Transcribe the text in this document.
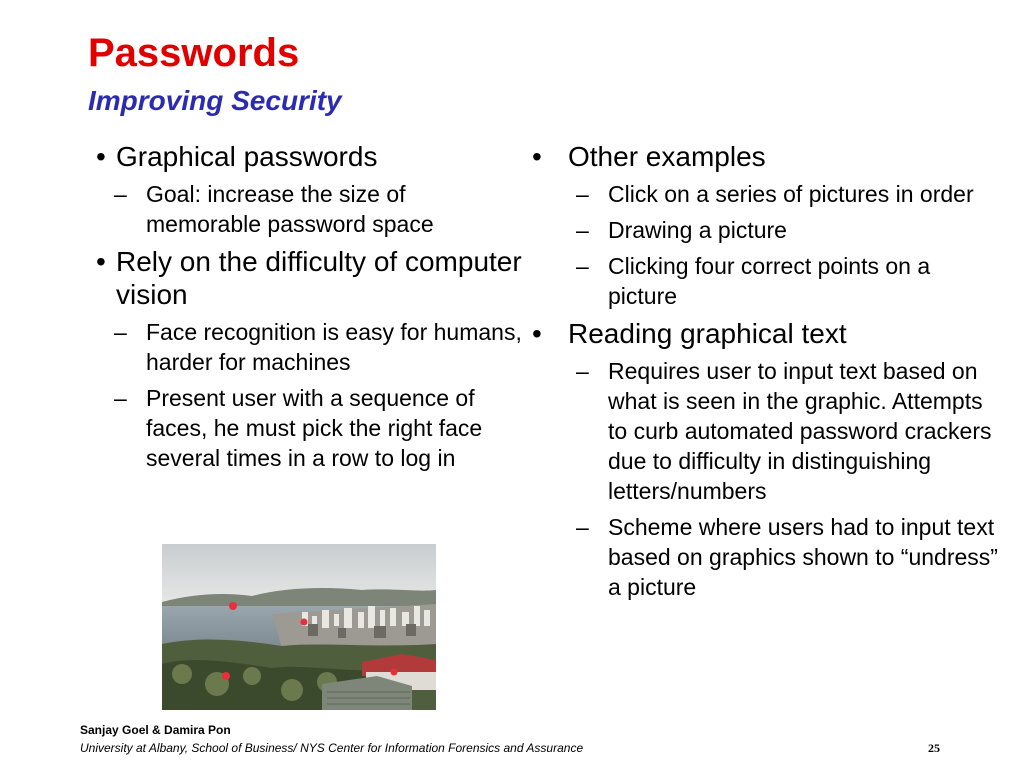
Passwords
Improving Security
• Graphical passwords
– Goal: increase the size of memorable password space
• Rely on the difficulty of computer vision
– Face recognition is easy for humans, harder for machines
– Present user with a sequence of faces, he must pick the right face several times in a row to log in
• Other examples
– Click on a series of pictures in order
– Drawing a picture
– Clicking four correct points on a picture
• Reading graphical text
– Requires user to input text based on what is seen in the graphic. Attempts to curb automated password crackers due to difficulty in distinguishing letters/numbers
– Scheme where users had to input text based on graphics shown to “undress” a picture
Sanjay Goel & Damira Pon
University at Albany, School of Business/ NYS Center for Information Forensics and Assurance	25
